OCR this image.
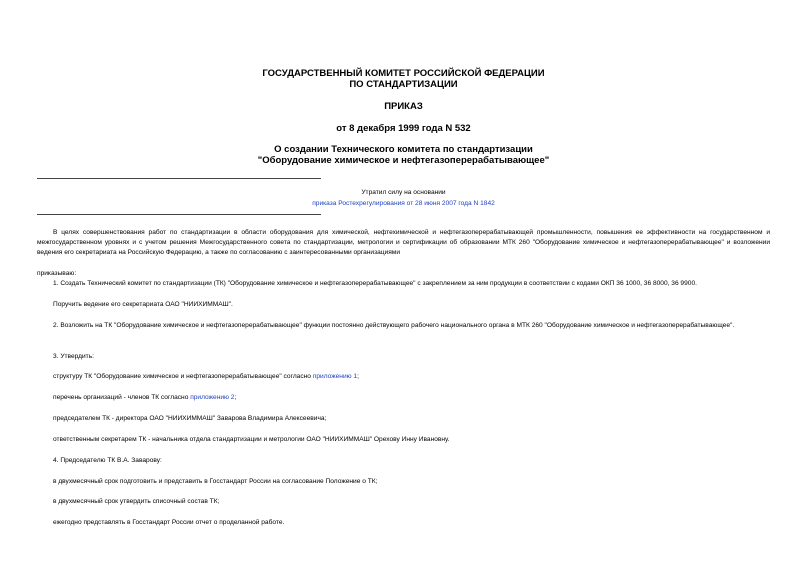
ГОСУДАРСТВЕННЫЙ КОМИТЕТ РОССИЙСКОЙ ФЕДЕРАЦИИ
ПО СТАНДАРТИЗАЦИИ
ПРИКАЗ
от 8 декабря 1999 года N 532
О создании Технического комитета по стандартизации
"Оборудование химическое и нефтегазоперерабатывающее"
Утратил силу на основании
приказа Ростехрегулирования от 28 июня 2007 года N 1842
В целях совершенствования работ по стандартизации в области оборудования для химической, нефтехимической и нефтегазоперерабатывающей промышленности, повышения ее эффективности на государственном и межгосударственном уровнях и с учетом решения Межгосударственного совета по стандартизации, метрологии и сертификации об образовании МТК 260 "Оборудование химическое и нефтегазоперерабатывающее" и возложении ведения его секретариата на Российскую Федерацию, а также по согласованию с заинтересованными организациями
приказываю:
1. Создать Технический комитет по стандартизации (ТК) "Оборудование химическое и нефтегазоперерабатывающее" с закреплением за ним продукции в соответствии с кодами ОКП 36 1000, 36 8000, 36 9900.
Поручить ведение его секретариата ОАО "НИИХИММАШ".
2. Возложить на ТК "Оборудование химическое и нефтегазоперерабатывающее" функции постоянно действующего рабочего национального органа в МТК 260 "Оборудование химическое и нефтегазоперерабатывающее".
3. Утвердить:
структуру ТК "Оборудование химическое и нефтегазоперерабатывающее" согласно приложению 1;
перечень организаций - членов ТК согласно приложению 2;
председателем ТК - директора ОАО "НИИХИММАШ" Заварова Владимира Алексеевича;
ответственным секретарем ТК - начальника отдела стандартизации и метрологии ОАО "НИИХИММАШ" Орехову Инну Ивановну.
4. Председателю ТК В.А. Заварову:
в двухмесячный срок подготовить и представить в Госстандарт России на согласование Положение о ТК;
в двухмесячный срок утвердить списочный состав ТК;
ежегодно представлять в Госстандарт России отчет о проделанной работе.
